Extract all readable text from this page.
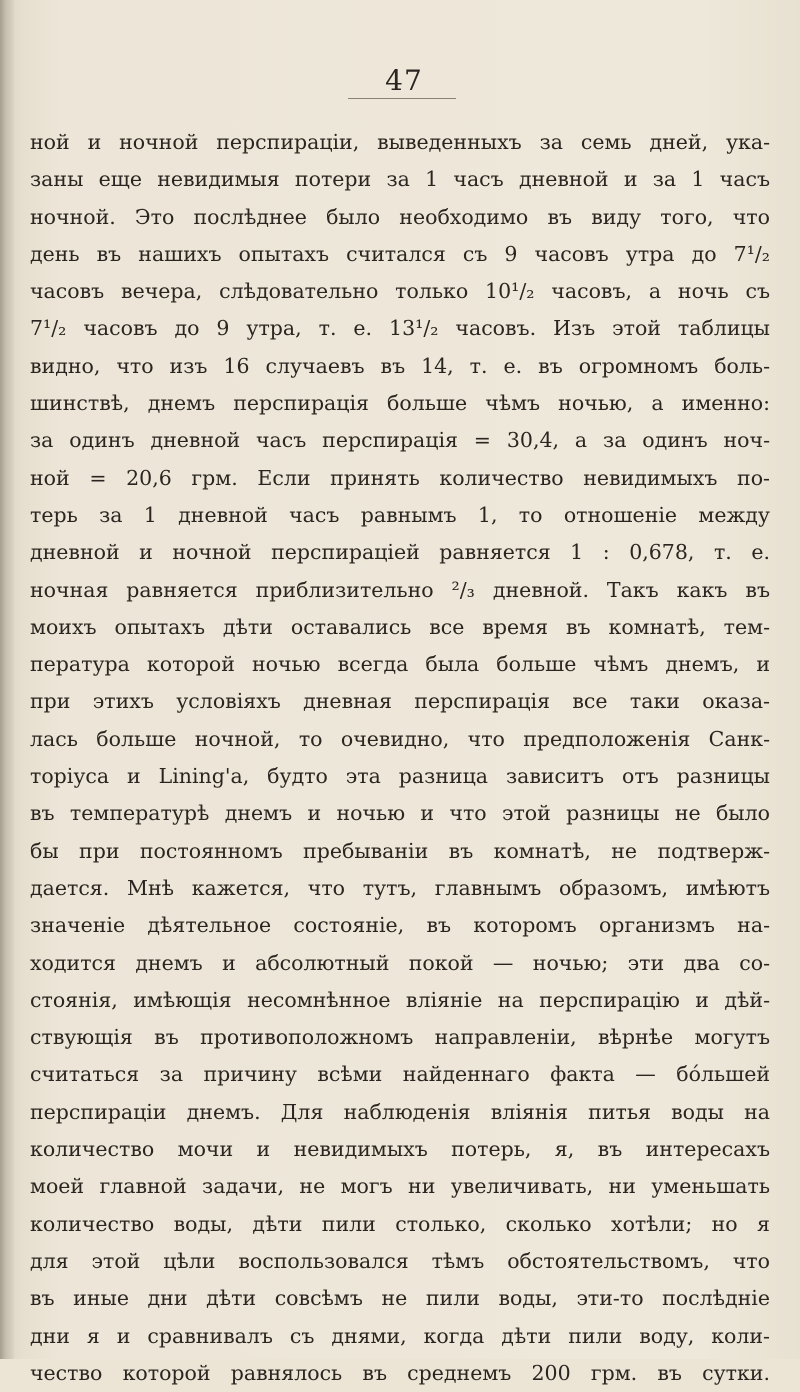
47
ной и ночной перспираціи, выведенныхъ за семь дней, ука-
заны еще невидимыя потери за 1 часъ дневной и за 1 часъ
ночной. Это послѣднее было необходимо въ виду того, что
день въ нашихъ опытахъ считался съ 9 часовъ утра до 7¹/₂
часовъ вечера, слѣдовательно только 10¹/₂ часовъ, а ночь съ
7¹/₂ часовъ до 9 утра, т. е. 13¹/₂ часовъ. Изъ этой таблицы
видно, что изъ 16 случаевъ въ 14, т. е. въ огромномъ боль-
шинствѣ, днемъ перспирація больше чѣмъ ночью, а именно:
за одинъ дневной часъ перспирація = 30,4, а за одинъ ноч-
ной = 20,6 грм. Если принять количество невидимыхъ по-
терь за 1 дневной часъ равнымъ 1, то отношеніе между
дневной и ночной перспираціей равняется 1 : 0,678, т. е.
ночная равняется приблизительно ²/₃ дневной. Такъ какъ въ
моихъ опытахъ дѣти оставались все время въ комнатѣ, тем-
пература которой ночью всегда была больше чѣмъ днемъ, и
при этихъ условіяхъ дневная перспирація все таки оказа-
лась больше ночной, то очевидно, что предположенія Санк-
торіуса и Lining'а, будто эта разница зависитъ отъ разницы
въ температурѣ днемъ и ночью и что этой разницы не было
бы при постоянномъ пребываніи въ комнатѣ, не подтверж-
дается. Мнѣ кажется, что тутъ, главнымъ образомъ, имѣютъ
значеніе дѣятельное состояніе, въ которомъ организмъ на-
ходится днемъ и абсолютный покой — ночью; эти два со-
стоянія, имѣющія несомнѣнное вліяніе на перспирацію и дѣй-
ствующія въ противоположномъ направленіи, вѣрнѣе могутъ
считаться за причину всѣми найденнаго факта — бóльшей
перспираціи днемъ. Для наблюденія вліянія питья воды на
количество мочи и невидимыхъ потерь, я, въ интересахъ
моей главной задачи, не могъ ни увеличивать, ни уменьшать
количество воды, дѣти пили столько, сколько хотѣли; но я
для этой цѣли воспользовался тѣмъ обстоятельствомъ, что
въ иные дни дѣти совсѣмъ не пили воды, эти-то послѣдніе
дни я и сравнивалъ съ днями, когда дѣти пили воду, коли-
чество которой равнялось въ среднемъ 200 грм. въ сутки.
